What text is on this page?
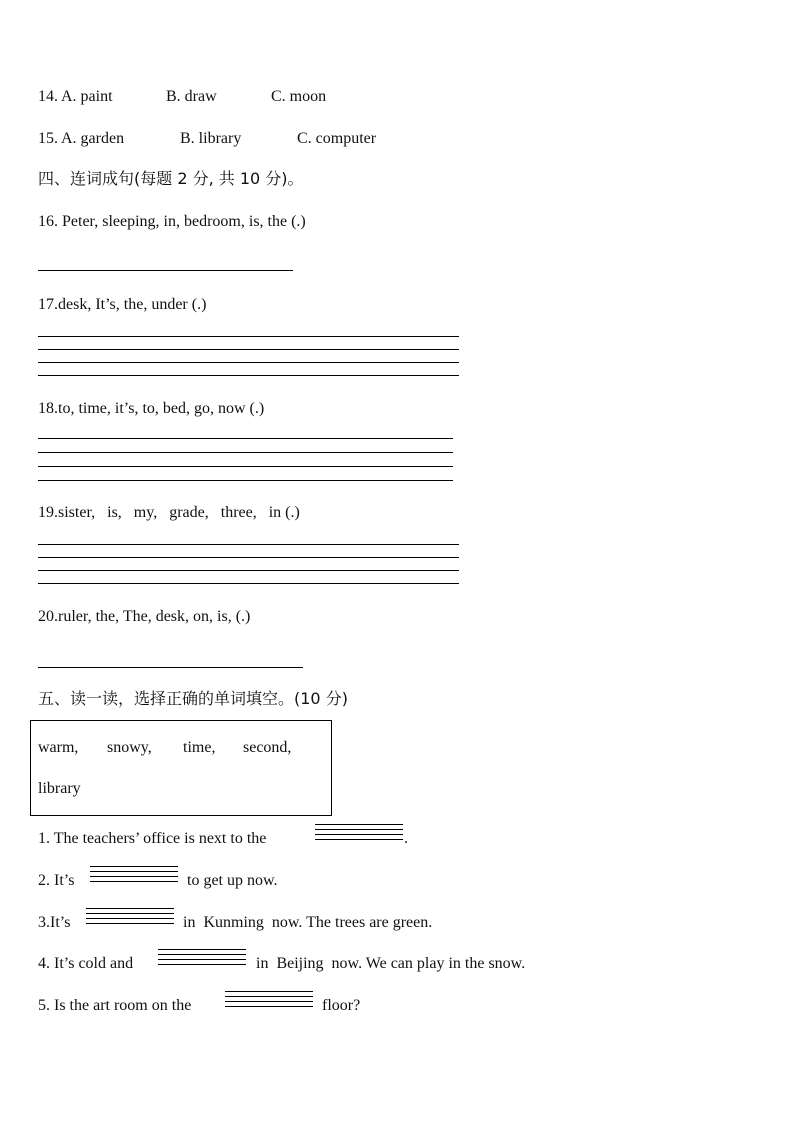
14. A. paint	B. draw	C. moon
15. A. garden	B. library	C. computer
四、连词成句(每题 2 分, 共 10 分)。
16. Peter, sleeping, in, bedroom, is, the (.)
17.desk, It’s, the, under (.)
18.to, time, it’s, to, bed, go, now (.)
19.sister,   is,   my,   grade,   three,   in (.)
20.ruler, the, The, desk, on, is, (.)
五、读一读，选择正确的单词填空。(10 分)
warm, snowy, time, second,
library
1. The teachers’ office is next to the	.
2. It’s	to get up now.
3.It’s	in  Kunming  now. The trees are green.
4. It’s cold and	in  Beijing  now. We can play in the snow.
5. Is the art room on the	floor?
